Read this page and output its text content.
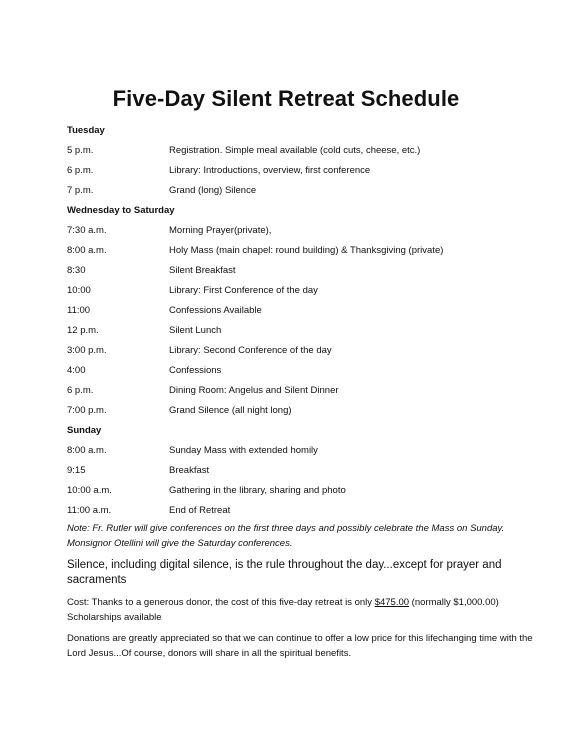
Five-Day Silent Retreat Schedule
Tuesday
5 p.m.	Registration. Simple meal available (cold cuts, cheese, etc.)
6 p.m.	Library: Introductions, overview, first conference
7 p.m.	Grand (long) Silence
Wednesday to Saturday
7:30 a.m.	Morning Prayer(private),
8:00 a.m.	Holy Mass (main chapel: round building) & Thanksgiving (private)
8:30	Silent Breakfast
10:00	Library: First Conference of the day
11:00	Confessions Available
12 p.m.	Silent Lunch
3:00 p.m.	Library: Second Conference of the day
4:00	Confessions
6 p.m.	Dining Room: Angelus and Silent Dinner
7:00 p.m.	Grand Silence (all night long)
Sunday
8:00 a.m.	Sunday Mass with extended homily
9:15	Breakfast
10:00 a.m.	Gathering in the library, sharing and photo
11:00 a.m.	End of Retreat
Note: Fr. Rutler will give conferences on the first three days and possibly celebrate the Mass on Sunday. Monsignor Otellini will give the Saturday conferences.
Silence, including digital silence, is the rule throughout the day...except for prayer and sacraments
Cost: Thanks to a generous donor, the cost of this five-day retreat is only $475.00 (normally $1,000.00)
Scholarships available
Donations are greatly appreciated so that we can continue to offer a low price for this lifechanging time with the Lord Jesus...Of course, donors will share in all the spiritual benefits.
